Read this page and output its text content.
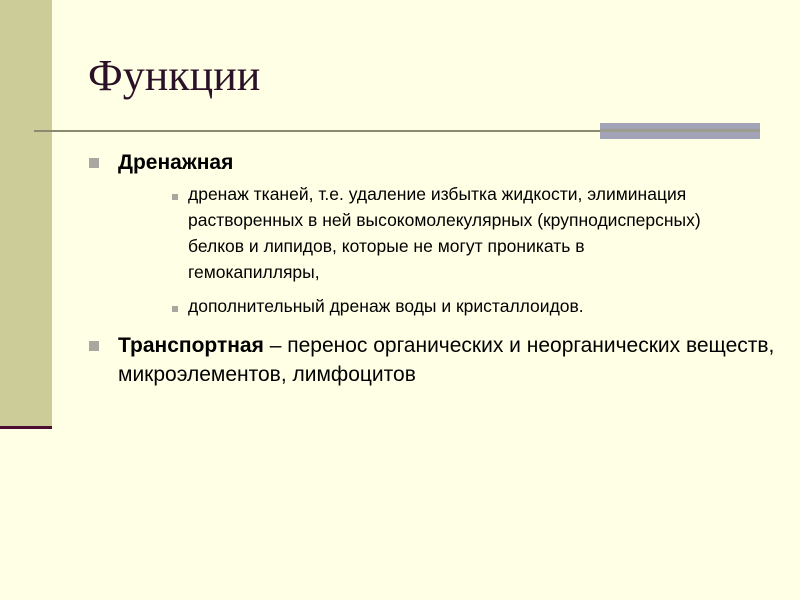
Функции
Дренажная
дренаж тканей, т.е. удаление избытка жидкости, элиминация растворенных в ней высокомолекулярных (крупнодисперсных) белков и липидов, которые не могут проникать в гемокапилляры,
дополнительный дренаж воды и кристаллоидов.
Транспортная – перенос органических и неорганических веществ, микроэлементов, лимфоцитов
